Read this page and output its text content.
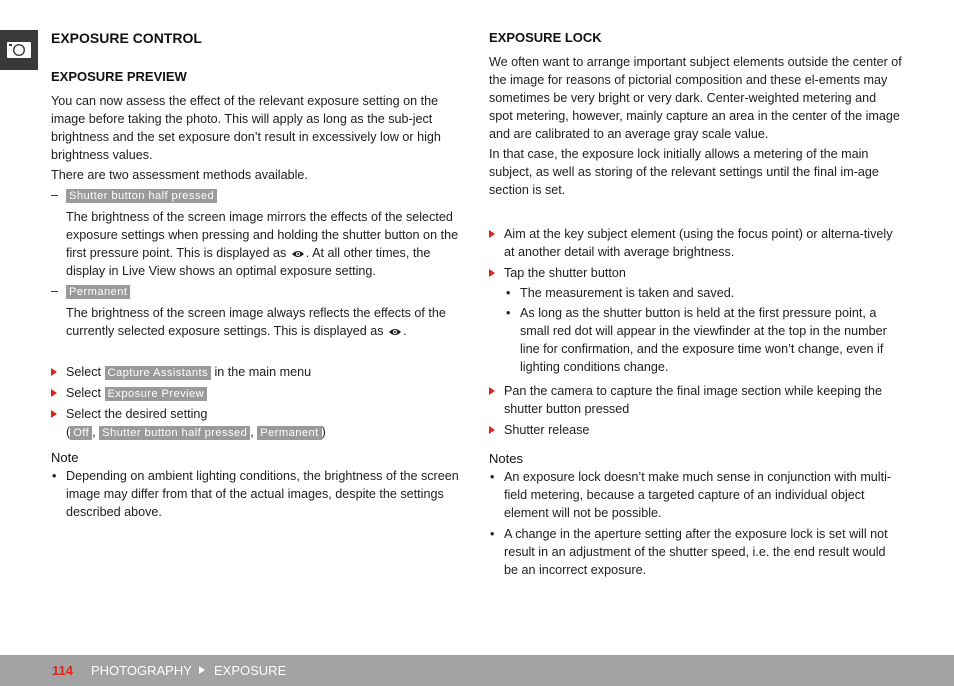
EXPOSURE CONTROL
EXPOSURE PREVIEW

You can now assess the effect of the relevant exposure setting on the image before taking the photo. This will apply as long as the sub-ject brightness and the set exposure don’t result in excessively low or high brightness values.

There are two assessment methods available.

– Shutter button half pressed

The brightness of the screen image mirrors the effects of the selected exposure settings when pressing and holding the shutter button on the first pressure point. This is displayed as . At all other times, the display in Live View shows an optimal exposure setting.

– Permanent

The brightness of the screen image always reflects the effects of the currently selected exposure settings. This is displayed as .

Select Capture Assistants in the main menu
Select Exposure Preview
Select the desired setting
( Off , Shutter button half pressed , Permanent )

Note

• Depending on ambient lighting conditions, the brightness of the screen image may differ from that of the actual images, despite the settings described above.
EXPOSURE LOCK

We often want to arrange important subject elements outside the center of the image for reasons of pictorial composition and these el-ements may sometimes be very bright or very dark. Center-weighted metering and spot metering, however, mainly capture an area in the center of the image and are calibrated to an average gray scale value.

In that case, the exposure lock initially allows a metering of the main subject, as well as storing of the relevant settings until the final im-age section is set.

Aim at the key subject element (using the focus point) or alterna-tively at another detail with average brightness.
Tap the shutter button
• The measurement is taken and saved.
• As long as the shutter button is held at the first pressure point, a small red dot will appear in the viewfinder at the top in the number line for confirmation, and the exposure time won’t change, even if lighting conditions change.
Pan the camera to capture the final image section while keeping the shutter button pressed
Shutter release

Notes

• An exposure lock doesn’t make much sense in conjunction with multi-field metering, because a targeted capture of an individual object element will not be possible.
• A change in the aperture setting after the exposure lock is set will not result in an adjustment of the shutter speed, i.e. the end result would be an incorrect exposure.
114 PHOTOGRAPHY EXPOSURE
